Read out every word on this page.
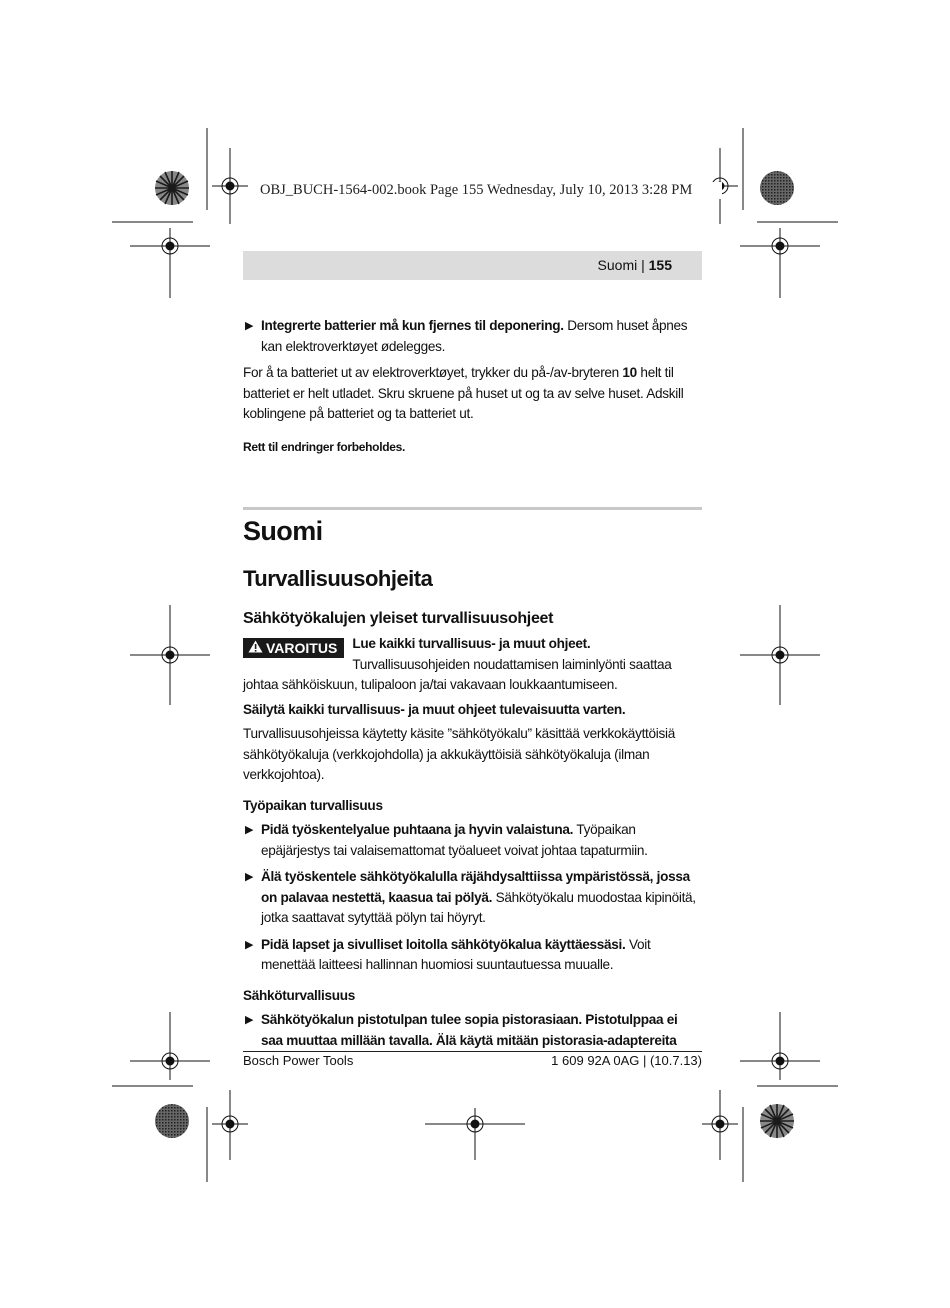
OBJ_BUCH-1564-002.book Page 155 Wednesday, July 10, 2013 3:28 PM
Suomi | 155

▶ Integrerte batterier må kun fjernes til deponering. Dersom huset åpnes kan elektroverktøyet ødelegges.

For å ta batteriet ut av elektroverktøyet, trykker du på-/av-bryteren 10 helt til batteriet er helt utladet. Skru skruene på huset ut og ta av selve huset. Adskill koblingene på batteriet og ta batteriet ut.

Rett til endringer forbeholdes.

Suomi

Turvallisuusohjeita

Sähkötyökalujen yleiset turvallisuusohjeet

VAROITUS	Lue kaikki turvallisuus- ja muut ohjeet. Turvallisuusohjeiden noudattamisen laiminlyönti saattaa johtaa sähköiskuun, tulipaloon ja/tai vakavaan loukkaantumiseen.

Säilytä kaikki turvallisuus- ja muut ohjeet tulevaisuutta varten.

Turvallisuusohjeissa käytetty käsite ”sähkötyökalu” käsittää verkkokäyttöisiä sähkötyökaluja (verkkojohdolla) ja akkukäyttöisiä sähkötyökaluja (ilman verkkojohtoa).

Työpaikan turvallisuus

▶ Pidä työskentelyalue puhtaana ja hyvin valaistuna. Työpaikan epäjärjestys tai valaisemattomat työalueet voivat johtaa tapaturmiin.

▶ Älä työskentele sähkötyökalulla räjähdysalttiissa ympäristössä, jossa on palavaa nestettä, kaasua tai pölyä. Sähkötyökalu muodostaa kipinöitä, jotka saattavat sytyttää pölyn tai höyryt.

▶ Pidä lapset ja sivulliset loitolla sähkötyökalua käyttäessäsi. Voit menettää laitteesi hallinnan huomiosi suuntautuessa muualle.

Sähköturvallisuus

▶ Sähkötyökalun pistotulpan tulee sopia pistorasiaan. Pistotulppaa ei saa muuttaa millään tavalla. Älä käytä mitään pistorasia-adaptereita

Bosch Power Tools	1 609 92A 0AG | (10.7.13)
